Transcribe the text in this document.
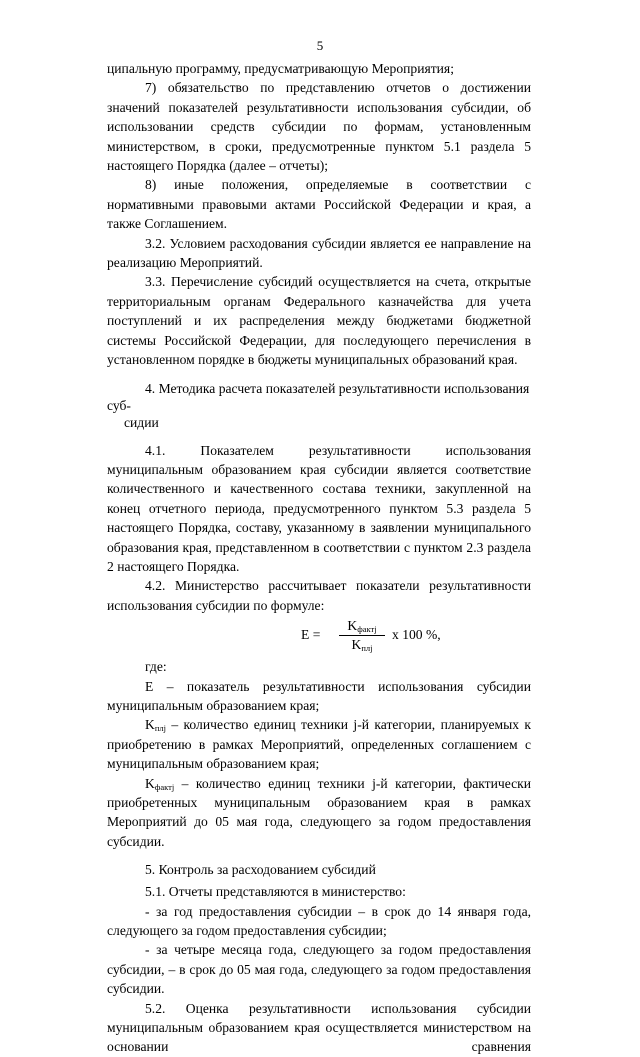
5

ципальную программу, предусматривающую Мероприятия;

7) обязательство по представлению отчетов о достижении значений показателей результативности использования субсидии, об использовании средств субсидии по формам, установленным министерством, в сроки, предусмотренные пунктом 5.1 раздела 5 настоящего Порядка (далее – отчеты);

8) иные положения, определяемые в соответствии с нормативными правовыми актами Российской Федерации и края, а также Соглашением.

3.2. Условием расходования субсидии является ее направление на реализацию Мероприятий.

3.3. Перечисление субсидий осуществляется на счета, открытые территориальным органам Федерального казначейства для учета поступлений и их распределения между бюджетами бюджетной системы Российской Федерации, для последующего перечисления в установленном порядке в бюджеты муниципальных образований края.

4. Методика расчета показателей результативности использования суб-
сидии

4.1. Показателем результативности использования муниципальным образованием края субсидии является соответствие количественного и качественного состава техники, закупленной на конец отчетного периода, предусмотренного пунктом 5.3 раздела 5 настоящего Порядка, составу, указанному в заявлении муниципального образования края, представленном в соответствии с пунктом 2.3 раздела 2 настоящего Порядка.

4.2. Министерство рассчитывает показатели результативности использования субсидии по формуле:

E =
$K_{фактj}$
$K_{плj}$
x 100 %,

где:

E – показатель результативности использования субсидии муниципальным образованием края;

$K_{плj}$ – количество единиц техники j-й категории, планируемых к приобретению в рамках Мероприятий, определенных соглашением с муниципальным образованием края;

$K_{фактj}$ – количество единиц техники j-й категории, фактически приобретенных муниципальным образованием края в рамках Мероприятий до 05 мая года, следующего за годом предоставления субсидии.

5. Контроль за расходованием субсидий

5.1. Отчеты представляются в министерство:

- за год предоставления субсидии – в срок до 14 января года, следующего за годом предоставления субсидии;

- за четыре месяца года, следующего за годом предоставления субсидии, – в срок до 05 мая года, следующего за годом предоставления субсидии.

5.2. Оценка результативности использования субсидии муниципальным образованием края осуществляется министерством на основании сравнения
